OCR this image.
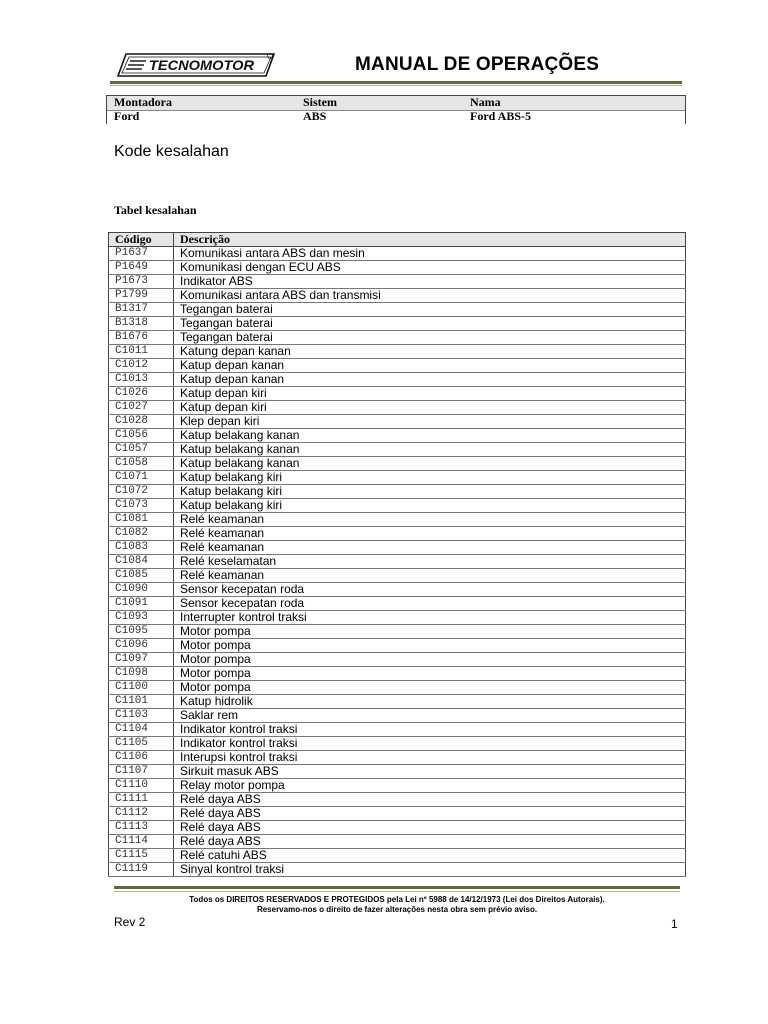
TECNOMOTOR	MANUAL DE OPERAÇÕES
Montadora	Sistem	Nama
Ford	ABS	Ford ABS-5
Kode kesalahan
Tabel kesalahan
Código	Descrição
P1637	Komunikasi antara ABS dan mesin
P1649	Komunikasi dengan ECU ABS
P1673	Indikator ABS
P1799	Komunikasi antara ABS dan transmisi
B1317	Tegangan baterai
B1318	Tegangan baterai
B1676	Tegangan baterai
C1011	Katung depan kanan
C1012	Katup depan kanan
C1013	Katup depan kanan
C1026	Katup depan kiri
C1027	Katup depan kiri
C1028	Klep depan kiri
C1056	Katup belakang kanan
C1057	Katup belakang kanan
C1058	Katup belakang kanan
C1071	Katup belakang kiri
C1072	Katup belakang kiri
C1073	Katup belakang kiri
C1081	Relé keamanan
C1082	Relé keamanan
C1083	Relé keamanan
C1084	Relé keselamatan
C1085	Relé keamanan
C1090	Sensor kecepatan roda
C1091	Sensor kecepatan roda
C1093	Interrupter kontrol traksi
C1095	Motor pompa
C1096	Motor pompa
C1097	Motor pompa
C1098	Motor pompa
C1100	Motor pompa
C1101	Katup hidrolik
C1103	Saklar rem
C1104	Indikator kontrol traksi
C1105	Indikator kontrol traksi
C1106	Interupsi kontrol traksi
C1107	Sirkuit masuk ABS
C1110	Relay motor pompa
C1111	Relé daya ABS
C1112	Relé daya ABS
C1113	Relé daya ABS
C1114	Relé daya ABS
C1115	Relé catuhi ABS
C1119	Sinyal kontrol traksi
Todos os DIREITOS RESERVADOS E PROTEGIDOS pela Lei nº 5988 de 14/12/1973 (Lei dos Direitos Autorais).
Reservamo-nos o direito de fazer alterações nesta obra sem prévio aviso.
Rev 2	1
